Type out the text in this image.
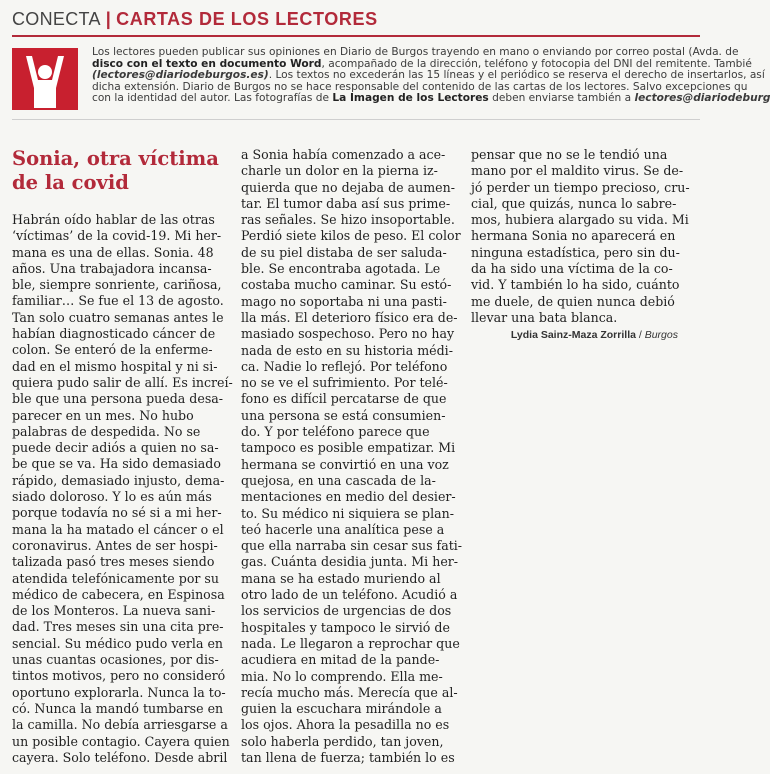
CONECTA | CARTAS DE LOS LECTORES
Los lectores pueden publicar sus opiniones en Diario de Burgos trayendo en mano o enviando por correo postal (Avda. de
disco con el texto en documento Word, acompañado de la dirección, teléfono y fotocopia del DNI del remitente. Tambié
(lectores@diariodeburgos.es). Los textos no excederán las 15 líneas y el periódico se reserva el derecho de insertarlos, así
dicha extensión. Diario de Burgos no se hace responsable del contenido de las cartas de los lectores. Salvo excepciones qu
con la identidad del autor. Las fotografías de La Imagen de los Lectores deben enviarse también a lectores@diariodeburg
Sonia, otra víctima
de la covid
Habrán oído hablar de las otras
‘víctimas’ de la covid-19. Mi her-
mana es una de ellas. Sonia. 48
años. Una trabajadora incansa-
ble, siempre sonriente, cariñosa,
familiar… Se fue el 13 de agosto.
Tan solo cuatro semanas antes le
habían diagnosticado cáncer de
colon. Se enteró de la enferme-
dad en el mismo hospital y ni si-
quiera pudo salir de allí. Es increí-
ble que una persona pueda desa-
parecer en un mes. No hubo
palabras de despedida. No se
puede decir adiós a quien no sa-
be que se va. Ha sido demasiado
rápido, demasiado injusto, dema-
siado doloroso. Y lo es aún más
porque todavía no sé si a mi her-
mana la ha matado el cáncer o el
coronavirus. Antes de ser hospi-
talizada pasó tres meses siendo
atendida telefónicamente por su
médico de cabecera, en Espinosa
de los Monteros. La nueva sani-
dad. Tres meses sin una cita pre-
sencial. Su médico pudo verla en
unas cuantas ocasiones, por dis-
tintos motivos, pero no consideró
oportuno explorarla. Nunca la to-
có. Nunca la mandó tumbarse en
la camilla. No debía arriesgarse a
un posible contagio. Cayera quien
cayera. Solo teléfono. Desde abril
a Sonia había comenzado a ace-
charle un dolor en la pierna iz-
quierda que no dejaba de aumen-
tar. El tumor daba así sus prime-
ras señales. Se hizo insoportable.
Perdió siete kilos de peso. El color
de su piel distaba de ser saluda-
ble. Se encontraba agotada. Le
costaba mucho caminar. Su estó-
mago no soportaba ni una pasti-
lla más. El deterioro físico era de-
masiado sospechoso. Pero no hay
nada de esto en su historia médi-
ca. Nadie lo reflejó. Por teléfono
no se ve el sufrimiento. Por telé-
fono es difícil percatarse de que
una persona se está consumien-
do. Y por teléfono parece que
tampoco es posible empatizar. Mi
hermana se convirtió en una voz
quejosa, en una cascada de la-
mentaciones en medio del desier-
to. Su médico ni siquiera se plan-
teó hacerle una analítica pese a
que ella narraba sin cesar sus fati-
gas. Cuánta desidia junta. Mi her-
mana se ha estado muriendo al
otro lado de un teléfono. Acudió a
los servicios de urgencias de dos
hospitales y tampoco le sirvió de
nada. Le llegaron a reprochar que
acudiera en mitad de la pande-
mia. No lo comprendo. Ella me-
recía mucho más. Merecía que al-
guien la escuchara mirándole a
los ojos. Ahora la pesadilla no es
solo haberla perdido, tan joven,
tan llena de fuerza; también lo es
pensar que no se le tendió una
mano por el maldito virus. Se de-
jó perder un tiempo precioso, cru-
cial, que quizás, nunca lo sabre-
mos, hubiera alargado su vida. Mi
hermana Sonia no aparecerá en
ninguna estadística, pero sin du-
da ha sido una víctima de la co-
vid. Y también lo ha sido, cuánto
me duele, de quien nunca debió
llevar una bata blanca.
Lydia Sainz-Maza Zorrilla / Burgos
